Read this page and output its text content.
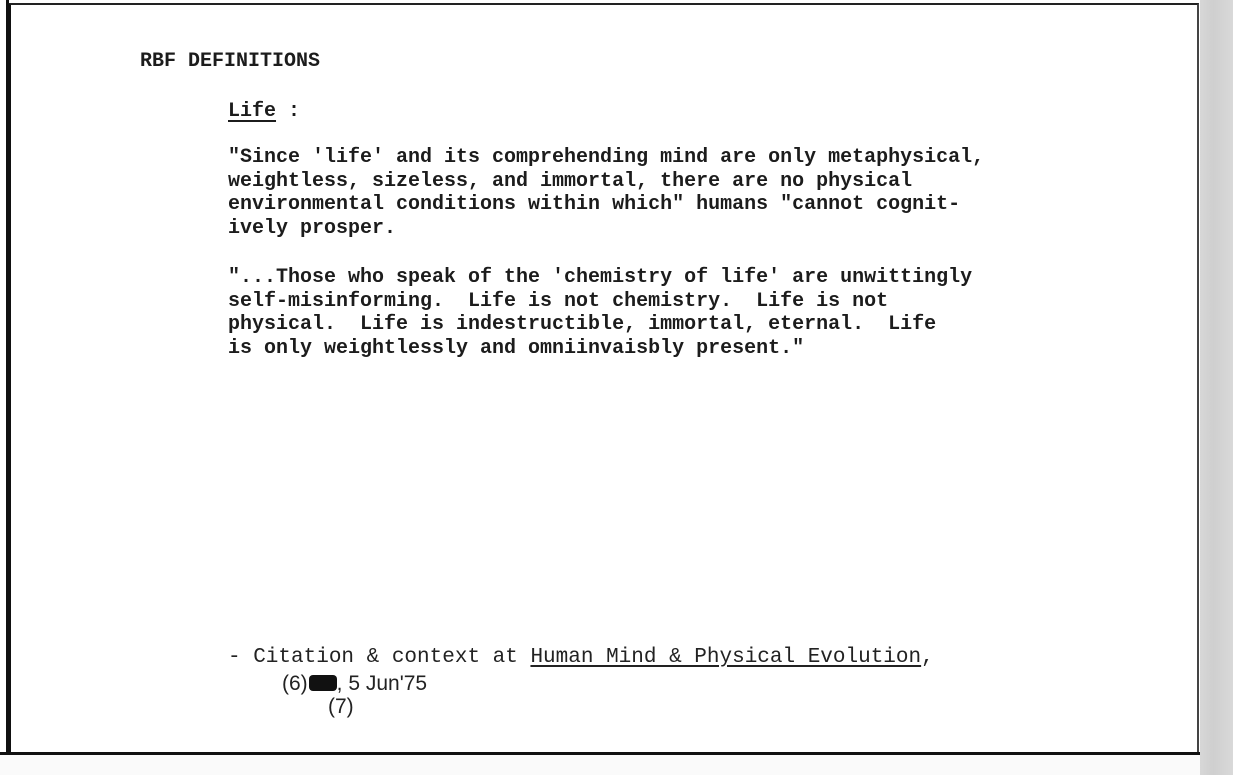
RBF DEFINITIONS
Life :
"Since 'life' and its comprehending mind are only metaphysical,
weightless, sizeless, and immortal, there are no physical
environmental conditions within which" humans "cannot cognit-
ively prosper.
"...Those who speak of the 'chemistry of life' are unwittingly
self-misinforming.  Life is not chemistry.  Life is not
physical.  Life is indestructible, immortal, eternal.  Life
is only weightlessly and omniinvaisbly present."
- Citation & context at Human Mind & Physical Evolution,
(6) , 5 Jun'75
(7)
